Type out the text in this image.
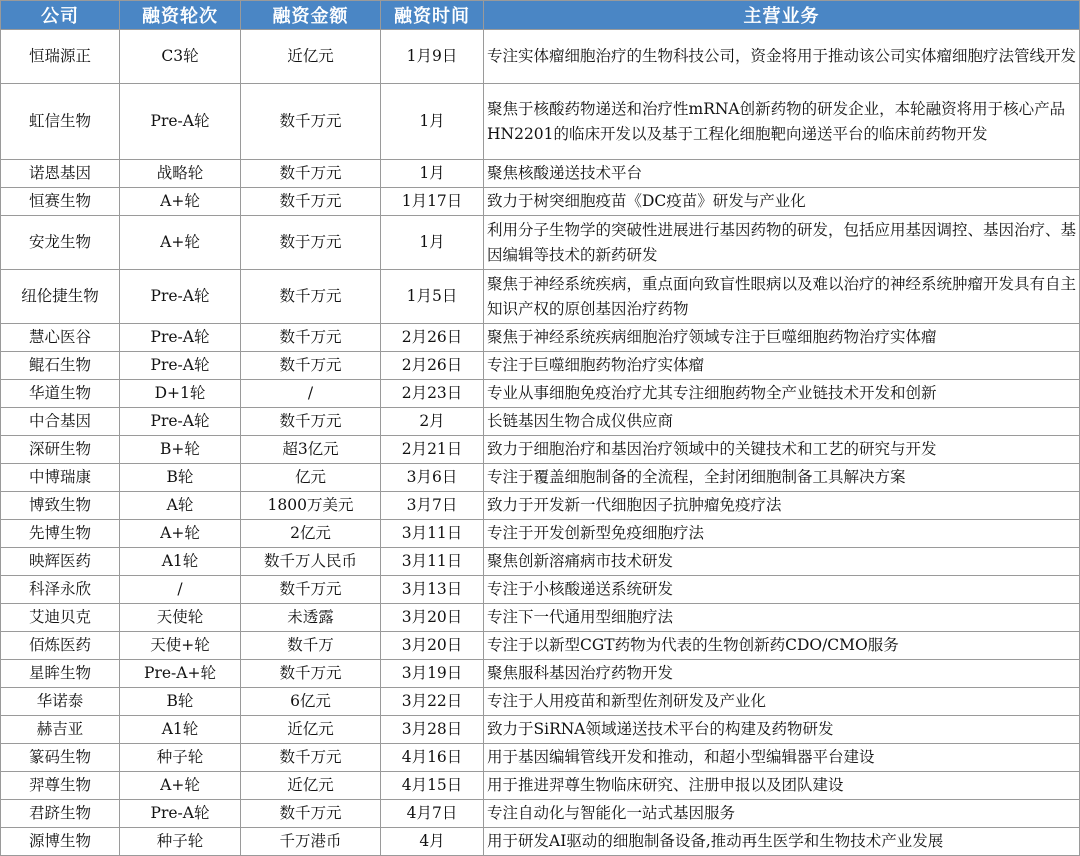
公司	融资轮次	融资金额	融资时间	主营业务
恒瑞源正	C3轮	近亿元	1月9日	专注实体瘤细胞治疗的生物科技公司，资金将用于推动该公司实体瘤细胞疗法管线开发
虹信生物	Pre-A轮	数千万元	1月	聚焦于核酸药物递送和治疗性mRNA创新药物的研发企业，本轮融资将用于核心产品HN2201的临床开发以及基于工程化细胞靶向递送平台的临床前药物开发
诺恩基因	战略轮	数千万元	1月	聚焦核酸递送技术平台
恒赛生物	A+轮	数千万元	1月17日	致力于树突细胞疫苗《DC疫苗》研发与产业化
安龙生物	A+轮	数于万元	1月	利用分子生物学的突破性进展进行基因药物的研发，包括应用基因调控、基因治疗、基因编辑等技术的新药研发
纽伦捷生物	Pre-A轮	数千万元	1月5日	聚焦于神经系统疾病，重点面向致盲性眼病以及难以治疗的神经系统肿瘤开发具有自主知识产权的原创基因治疗药物
慧心医谷	Pre-A轮	数千万元	2月26日	聚焦于神经系统疾病细胞治疗领域专注于巨噬细胞药物治疗实体瘤
鲲石生物	Pre-A轮	数千万元	2月26日	专注于巨噬细胞药物治疗实体瘤
华道生物	D+1轮	/	2月23日	专业从事细胞免疫治疗尤其专注细胞药物全产业链技术开发和创新
中合基因	Pre-A轮	数千万元	2月	长链基因生物合成仪供应商
深研生物	B+轮	超3亿元	2月21日	致力于细胞治疗和基因治疗领域中的关键技术和工艺的研究与开发
中博瑞康	B轮	亿元	3月6日	专注于覆盖细胞制备的全流程，全封闭细胞制备工具解决方案
博致生物	A轮	1800万美元	3月7日	致力于开发新一代细胞因子抗肿瘤免疫疗法
先博生物	A+轮	2亿元	3月11日	专注于开发创新型免疫细胞疗法
映辉医药	A1轮	数千万人民币	3月11日	聚焦创新溶痛病市技术研发
科泽永欣	/	数千万元	3月13日	专注于小核酸递送系统研发
艾迪贝克	天使轮	未透露	3月20日	专注下一代通用型细胞疗法
佰炼医药	天使+轮	数千万	3月20日	专注于以新型CGT药物为代表的生物创新药CDO/CMO服务
星眸生物	Pre-A+轮	数千万元	3月19日	聚焦服科基因治疗药物开发
华诺泰	B轮	6亿元	3月22日	专注于人用疫苗和新型佐剂研发及产业化
赫吉亚	A1轮	近亿元	3月28日	致力于SiRNA领域递送技术平台的构建及药物研发
篆码生物	种子轮	数千万元	4月16日	用于基因编辑管线开发和推动，和超小型编辑器平台建设
羿尊生物	A+轮	近亿元	4月15日	用于推进羿尊生物临床研究、注册申报以及团队建设
君跻生物	Pre-A轮	数千万元	4月7日	专注自动化与智能化一站式基因服务
源博生物	种子轮	千万港币	4月	用于研发AI驱动的细胞制备设备,推动再生医学和生物技术产业发展
